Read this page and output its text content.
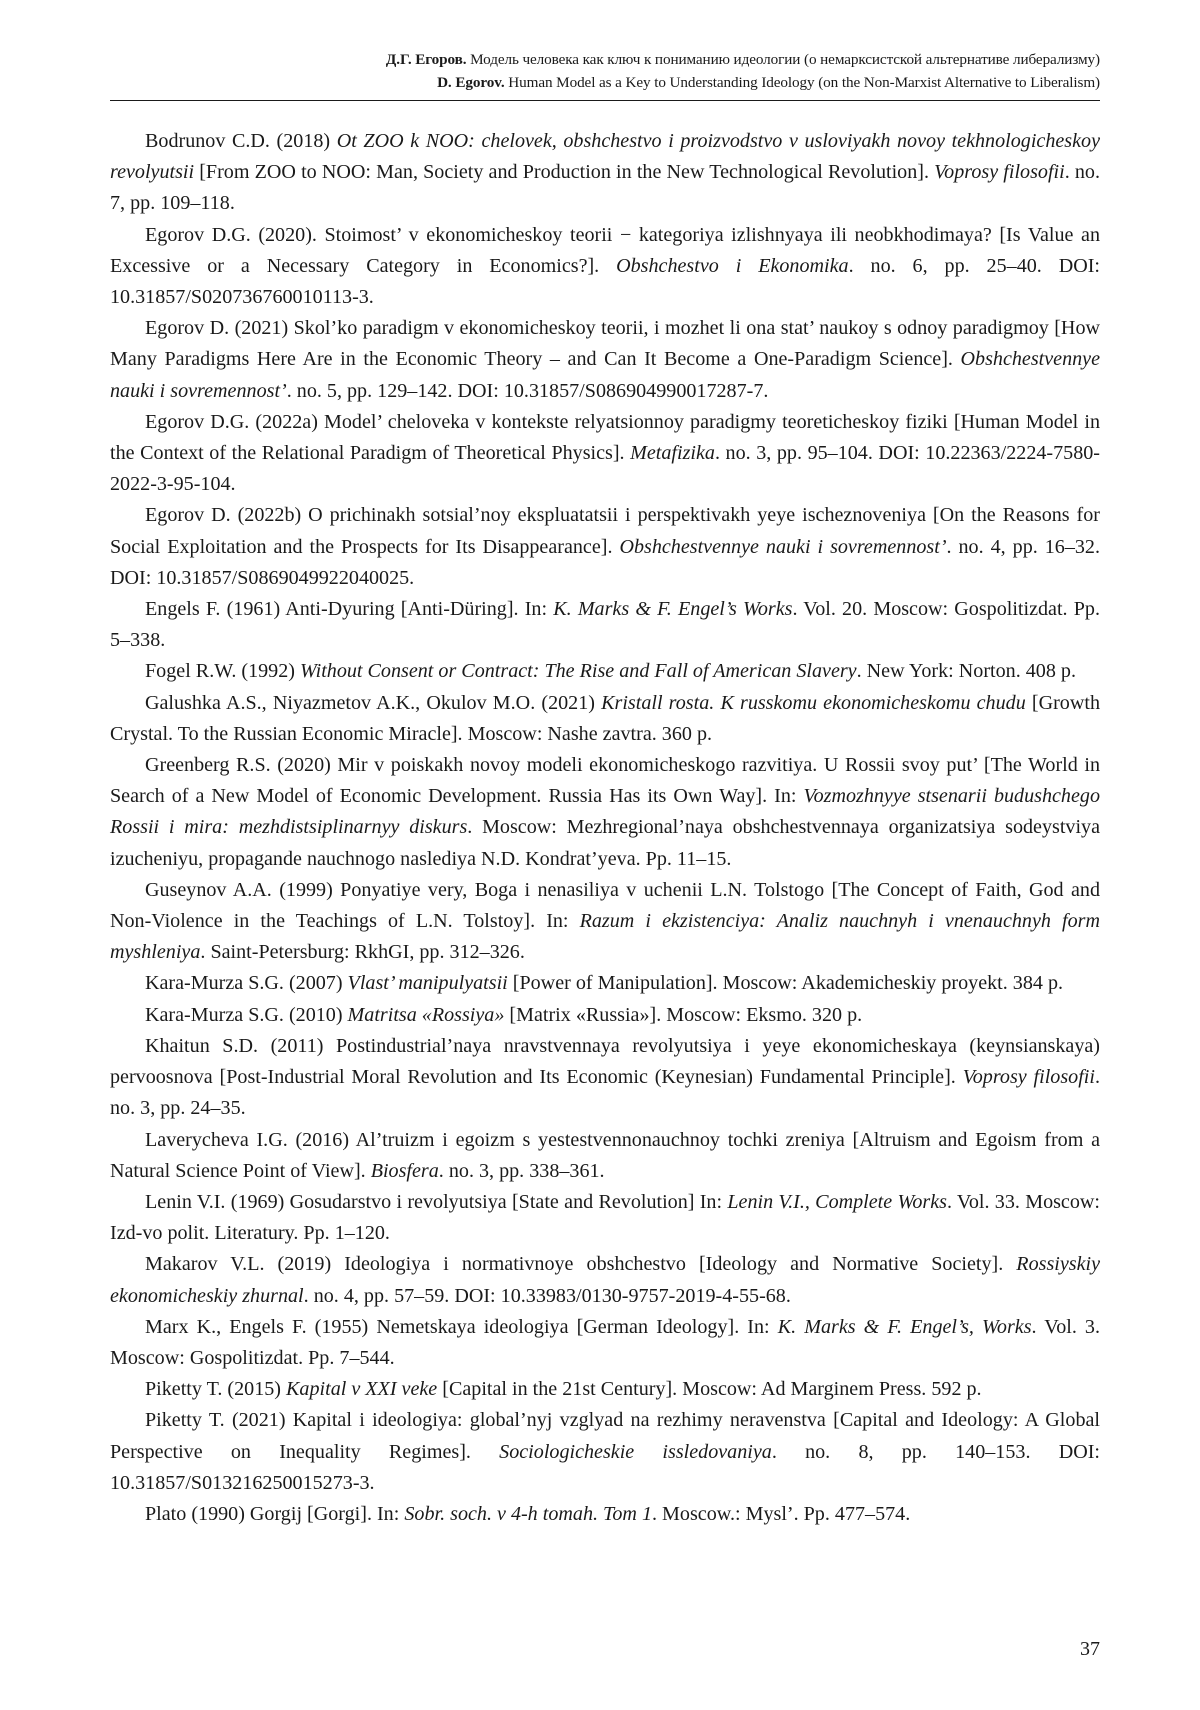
Д.Г. Егоров. Модель человека как ключ к пониманию идеологии (о немарксистской альтернативе либерализму)
D. Egorov. Human Model as a Key to Understanding Ideology (on the Non-Marxist Alternative to Liberalism)

Bodrunov C.D. (2018) Ot ZOO k NOO: chelovek, obshchestvo i proizvodstvo v usloviyakh novoy tekhnologicheskoy revolyutsii [From ZOO to NOO: Man, Society and Production in the New Technological Revolution]. Voprosy filosofii. no. 7, pp. 109–118.

Egorov D.G. (2020). Stoimost’ v ekonomicheskoy teorii − kategoriya izlishnyaya ili neobkhodimaya? [Is Value an Excessive or a Necessary Category in Economics?]. Obshchestvo i Ekonomika. no. 6, pp. 25–40. DOI: 10.31857/S020736760010113-3.

Egorov D. (2021) Skol’ko paradigm v ekonomicheskoy teorii, i mozhet li ona stat’ naukoy s odnoy paradigmoy [How Many Paradigms Here Are in the Economic Theory – and Can It Become a One-Paradigm Science]. Obshchestvennye nauki i sovremennost’. no. 5, pp. 129–142. DOI: 10.31857/S086904990017287-7.

Egorov D.G. (2022a) Model’ cheloveka v kontekste relyatsionnoy paradigmy teoreticheskoy fiziki [Human Model in the Context of the Relational Paradigm of Theoretical Physics]. Metafizika. no. 3, pp. 95–104. DOI: 10.22363/2224-7580-2022-3-95-104.

Egorov D. (2022b) O prichinakh sotsial’noy ekspluatatsii i perspektivakh yeye ischeznoveniya [On the Reasons for Social Exploitation and the Prospects for Its Disappearance]. Obshchestvennye nauki i sovremennost’. no. 4, pp. 16–32. DOI: 10.31857/S0869049922040025.

Engels F. (1961) Anti-Dyuring [Anti-Düring]. In: K. Marks & F. Engel’s Works. Vol. 20. Moscow: Gospolitizdat. Pp. 5–338.

Fogel R.W. (1992) Without Consent or Contract: The Rise and Fall of American Slavery. New York: Norton. 408 p.

Galushka A.S., Niyazmetov A.K., Okulov M.O. (2021) Kristall rosta. K russkomu ekonomicheskomu chudu [Growth Crystal. To the Russian Economic Miracle]. Moscow: Nashe zavtra. 360 p.

Greenberg R.S. (2020) Mir v poiskakh novoy modeli ekonomicheskogo razvitiya. U Rossii svoy put’ [The World in Search of a New Model of Economic Development. Russia Has its Own Way]. In: Vozmozhnyye stsenarii budushchego Rossii i mira: mezhdistsiplinarnyy diskurs. Moscow: Mezhregional’naya obshchestvennaya organizatsiya sodeystviya izucheniyu, propagande nauchnogo naslediya N.D. Kondrat’yeva. Pp. 11–15.

Guseynov A.A. (1999) Ponyatiye very, Boga i nenasiliya v uchenii L.N. Tolstogo [The Concept of Faith, God and Non-Violence in the Teachings of L.N. Tolstoy]. In: Razum i ekzistenciya: Analiz nauchnyh i vnenauchnyh form myshleniya. Saint-Petersburg: RkhGI, pp. 312–326.

Kara-Murza S.G. (2007) Vlast’ manipulyatsii [Power of Manipulation]. Moscow: Akademicheskiy proyekt. 384 p.

Kara-Murza S.G. (2010) Matritsa «Rossiya» [Matrix «Russia»]. Moscow: Eksmo. 320 p.

Khaitun S.D. (2011) Postindustrial’naya nravstvennaya revolyutsiya i yeye ekonomicheskaya (keynsianskaya) pervoosnova [Post-Industrial Moral Revolution and Its Economic (Keynesian) Fundamental Principle]. Voprosy filosofii. no. 3, pp. 24–35.

Laverycheva I.G. (2016) Al’truizm i egoizm s yestestvennonauchnoy tochki zreniya [Altruism and Egoism from a Natural Science Point of View]. Biosfera. no. 3, pp. 338–361.

Lenin V.I. (1969) Gosudarstvo i revolyutsiya [State and Revolution] In: Lenin V.I., Complete Works. Vol. 33. Moscow: Izd-vo polit. Literatury. Pp. 1–120.

Makarov V.L. (2019) Ideologiya i normativnoye obshchestvo [Ideology and Normative Society]. Rossiyskiy ekonomicheskiy zhurnal. no. 4, pp. 57–59. DOI: 10.33983/0130-9757-2019-4-55-68.

Marx K., Engels F. (1955) Nemetskaya ideologiya [German Ideology]. In: K. Marks & F. Engel’s, Works. Vol. 3. Moscow: Gospolitizdat. Pp. 7–544.

Piketty T. (2015) Kapital v XXI veke [Capital in the 21st Century]. Moscow: Ad Marginem Press. 592 p.

Piketty T. (2021) Kapital i ideologiya: global’nyj vzglyad na rezhimy neravenstva [Capital and Ideology: A Global Perspective on Inequality Regimes]. Sociologicheskie issledovaniya. no. 8, pp. 140–153. DOI: 10.31857/S013216250015273-3.

Plato (1990) Gorgij [Gorgi]. In: Sobr. soch. v 4-h tomah. Tom 1. Moscow.: Mysl’. Pp. 477–574.

37
